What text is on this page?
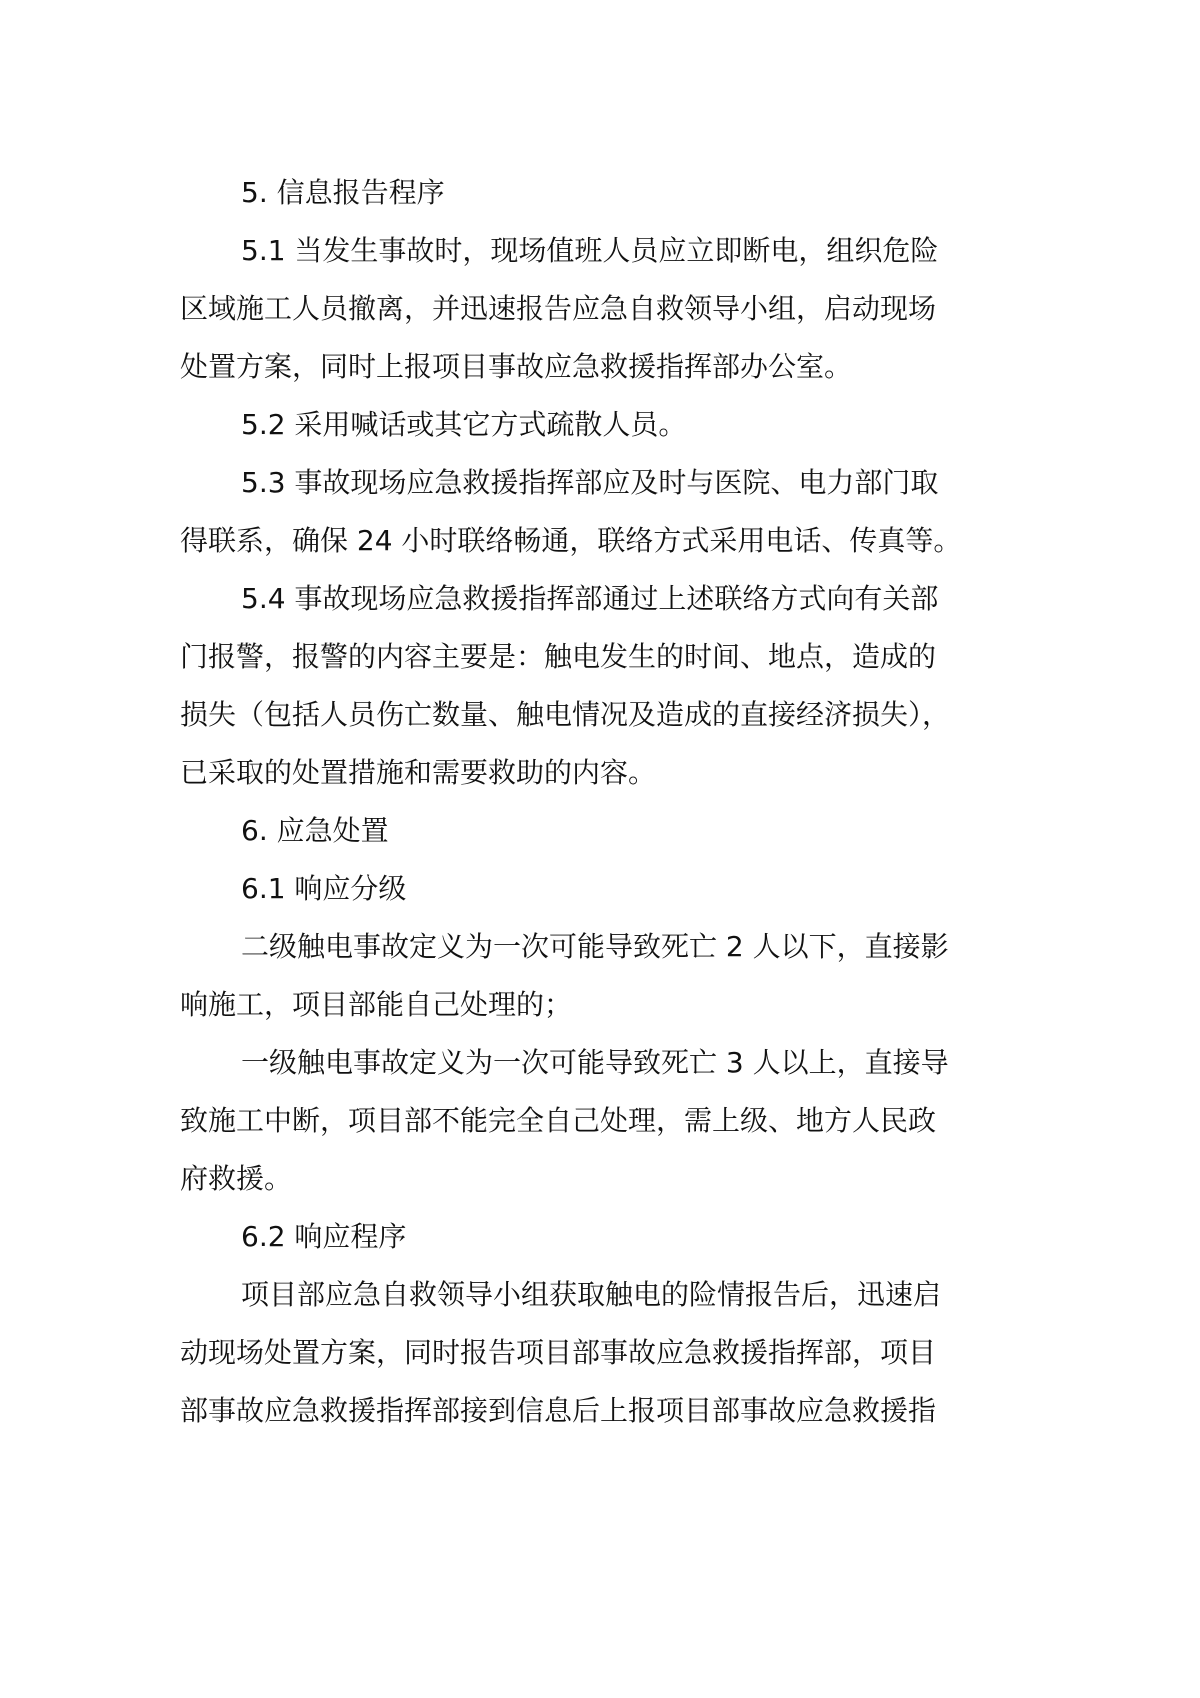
5. 信息报告程序
5.1 当发生事故时，现场值班人员应立即断电，组织危险
区域施工人员撤离，并迅速报告应急自救领导小组，启动现场
处置方案，同时上报项目事故应急救援指挥部办公室。
5.2 采用喊话或其它方式疏散人员。
5.3 事故现场应急救援指挥部应及时与医院、电力部门取
得联系，确保 24 小时联络畅通，联络方式采用电话、传真等。
5.4 事故现场应急救援指挥部通过上述联络方式向有关部
门报警，报警的内容主要是：触电发生的时间、地点，造成的
损失（包括人员伤亡数量、触电情况及造成的直接经济损失），
已采取的处置措施和需要救助的内容。
6. 应急处置
6.1 响应分级
二级触电事故定义为一次可能导致死亡 2 人以下，直接影
响施工，项目部能自己处理的；
一级触电事故定义为一次可能导致死亡 3 人以上，直接导
致施工中断，项目部不能完全自己处理，需上级、地方人民政
府救援。
6.2 响应程序
项目部应急自救领导小组获取触电的险情报告后，迅速启
动现场处置方案，同时报告项目部事故应急救援指挥部，项目
部事故应急救援指挥部接到信息后上报项目部事故应急救援指
